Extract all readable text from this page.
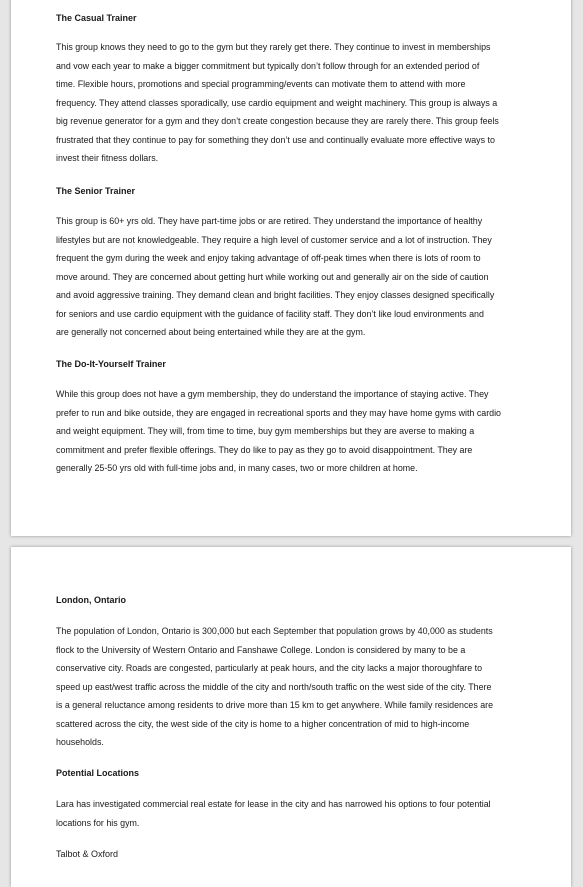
The Casual Trainer

This group knows they need to go to the gym but they rarely get there. They continue to invest in memberships
and vow each year to make a bigger commitment but typically don’t follow through for an extended period of
time. Flexible hours, promotions and special programming/events can motivate them to attend with more
frequency. They attend classes sporadically, use cardio equipment and weight machinery. This group is always a
big revenue generator for a gym and they don’t create congestion because they are rarely there. This group feels
frustrated that they continue to pay for something they don’t use and continually evaluate more effective ways to
invest their fitness dollars.

The Senior Trainer

This group is 60+ yrs old. They have part-time jobs or are retired. They understand the importance of healthy
lifestyles but are not knowledgeable. They require a high level of customer service and a lot of instruction. They
frequent the gym during the week and enjoy taking advantage of off-peak times when there is lots of room to
move around. They are concerned about getting hurt while working out and generally air on the side of caution
and avoid aggressive training. They demand clean and bright facilities. They enjoy classes designed specifically
for seniors and use cardio equipment with the guidance of facility staff. They don’t like loud environments and
are generally not concerned about being entertained while they are at the gym.

The Do-It-Yourself Trainer

While this group does not have a gym membership, they do understand the importance of staying active. They
prefer to run and bike outside, they are engaged in recreational sports and they may have home gyms with cardio
and weight equipment. They will, from time to time, buy gym memberships but they are averse to making a
commitment and prefer flexible offerings. They do like to pay as they go to avoid disappointment. They are
generally 25-50 yrs old with full-time jobs and, in many cases, two or more children at home.

London, Ontario

The population of London, Ontario is 300,000 but each September that population grows by 40,000 as students
flock to the University of Western Ontario and Fanshawe College. London is considered by many to be a
conservative city. Roads are congested, particularly at peak hours, and the city lacks a major thoroughfare to
speed up east/west traffic across the middle of the city and north/south traffic on the west side of the city. There
is a general reluctance among residents to drive more than 15 km to get anywhere. While family residences are
scattered across the city, the west side of the city is home to a higher concentration of mid to high-income
households.

Potential Locations

Lara has investigated commercial real estate for lease in the city and has narrowed his options to four potential
locations for his gym.

Talbot & Oxford
